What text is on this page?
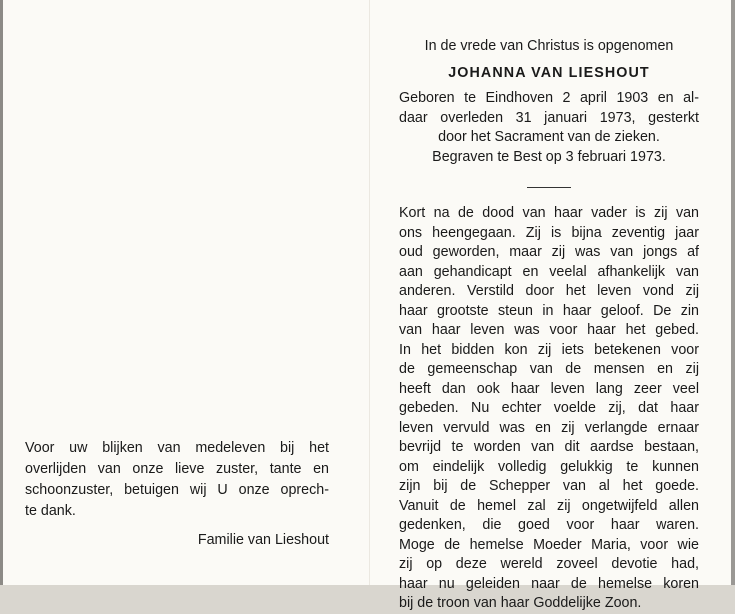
Voor uw blijken van medeleven bij het

overlijden van onze lieve zuster, tante en

schoonzuster, betuigen wij U onze oprech-

te dank.

Familie van Lieshout

In de vrede van Christus is opgenomen

JOHANNA VAN LIESHOUT

Geboren te Eindhoven 2 april 1903 en al-

daar overleden 31 januari 1973, gesterkt

door het Sacrament van de zieken.

Begraven te Best op 3 februari 1973.

Kort na de dood van haar vader is zij van

ons heengegaan. Zij is bijna zeventig jaar

oud geworden, maar zij was van jongs af

aan gehandicapt en veelal afhankelijk van

anderen. Verstild door het leven vond zij

haar grootste steun in haar geloof. De zin

van haar leven was voor haar het gebed.

In het bidden kon zij iets betekenen voor

de gemeenschap van de mensen en zij

heeft dan ook haar leven lang zeer veel

gebeden. Nu echter voelde zij, dat haar

leven vervuld was en zij verlangde ernaar

bevrijd te worden van dit aardse bestaan,

om eindelijk volledig gelukkig te kunnen

zijn bij de Schepper van al het goede.

Vanuit de hemel zal zij ongetwijfeld allen

gedenken, die goed voor haar waren.

Moge de hemelse Moeder Maria, voor wie

zij op deze wereld zoveel devotie had,

haar nu geleiden naar de hemelse koren

bij de troon van haar Goddelijke Zoon.
